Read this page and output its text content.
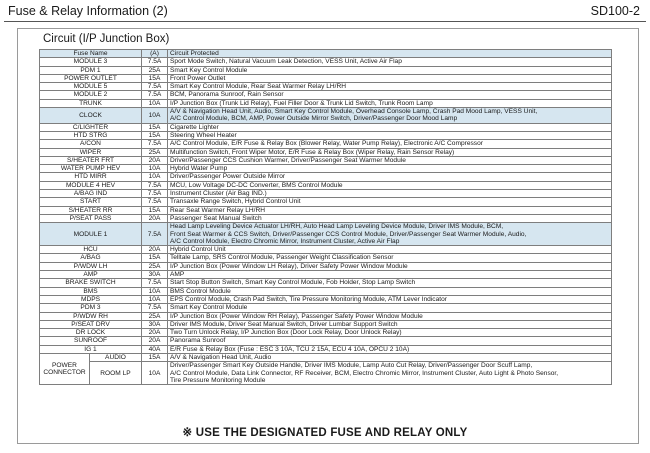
Fuse & Relay Information (2)	SD100-2
Circuit (I/P Junction Box)
Fuse Name		(A)	Circuit Protected
MODULE 3		7.5A	Sport Mode Switch, Natural Vacuum Leak Detection, VESS Unit, Active Air Flap
PDM 1		25A	Smart Key Control Module
POWER OUTLET		15A	Front Power Outlet
MODULE 5		7.5A	Smart Key Control Module, Rear Seat Warmer Relay LH/RH
MODULE 2		7.5A	BCM, Panorama Sunroof, Rain Sensor
TRUNK		10A	I/P Junction Box (Trunk Lid Relay), Fuel Filler Door & Trunk Lid Switch, Trunk Room Lamp
CLOCK		10A	A/V & Navigation Head Unit, Audio, Smart Key Control Module, Overhead Console Lamp, Crash Pad Mood Lamp, VESS Unit,
A/C Control Module, BCM, AMP, Power Outside Mirror Switch, Driver/Passenger Door Mood Lamp
C/LIGHTER		15A	Cigarette Lighter
HTD STRG		15A	Steering Wheel Heater
A/CON		7.5A	A/C Control Module, E/R Fuse & Relay Box (Blower Relay, Water Pump Relay), Electronic A/C Compressor
WIPER		25A	Multifunction Switch, Front Wiper Motor, E/R Fuse & Relay Box (Wiper Relay, Rain Sensor Relay)
S/HEATER FRT		20A	Driver/Passenger CCS Cushion Warmer, Driver/Passenger Seat Warmer Module
WATER PUMP HEV		10A	Hybrid Water Pump
HTD MIRR		10A	Driver/Passenger Power Outside Mirror
MODULE 4 HEV		7.5A	MCU, Low Voltage DC-DC Converter, BMS Control Module
A/BAG IND		7.5A	Instrument Cluster (Air Bag IND.)
START		7.5A	Transaxle Range Switch, Hybrid Control Unit
S/HEATER RR		15A	Rear Seat Warmer Relay LH/RH
P/SEAT PASS		20A	Passenger Seat Manual Switch
MODULE 1		7.5A	Head Lamp Leveling Device Actuator LH/RH, Auto Head Lamp Leveling Device Module, Driver IMS Module, BCM,
Front Seat Warmer & CCS Switch, Driver/Passenger CCS Control Module, Driver/Passenger Seat Warmer Module, Audio,
A/C Control Module, Electro Chromic Mirror, Instrument Cluster, Active Air Flap
HCU		20A	Hybrid Control Unit
A/BAG		15A	Telltale Lamp, SRS Control Module, Passenger Weight Classification Sensor
P/WDW LH		25A	I/P Junction Box (Power Window LH Relay), Driver Safety Power Window Module
AMP		30A	AMP
BRAKE SWITCH		7.5A	Start Stop Button Switch, Smart Key Control Module, Fob Holder, Stop Lamp Switch
BMS		10A	BMS Control Module
MDPS		10A	EPS Control Module, Crash Pad Switch, Tire Pressure Monitoring Module, ATM Lever Indicator
PDM 3		7.5A	Smart Key Control Module
P/WDW RH		25A	I/P Junction Box (Power Window RH Relay), Passenger Safety Power Window Module
P/SEAT DRV		30A	Driver IMS Module, Driver Seat Manual Switch, Driver Lumbar Support Switch
DR LOCK		20A	Two Turn Unlock Relay, I/P Junction Box (Door Lock Relay, Door Unlock Relay)
SUNROOF		20A	Panorama Sunroof
IG 1		40A	E/R Fuse & Relay Box (Fuse : ESC 3 10A, TCU 2 15A, ECU 4 10A, OPCU 2 10A)
POWER CONNECTOR	AUDIO	15A	A/V & Navigation Head Unit, Audio
	ROOM LP	10A	Driver/Passenger Smart Key Outside Handle, Driver IMS Module, Lamp Auto Cut Relay, Driver/Passenger Door Scuff Lamp,
A/C Control Module, Data Link Connector, RF Receiver, BCM, Electro Chromic Mirror, Instrument Cluster, Auto Light & Photo Sensor,
Tire Pressure Monitoring Module
※ USE THE DESIGNATED FUSE AND RELAY ONLY
